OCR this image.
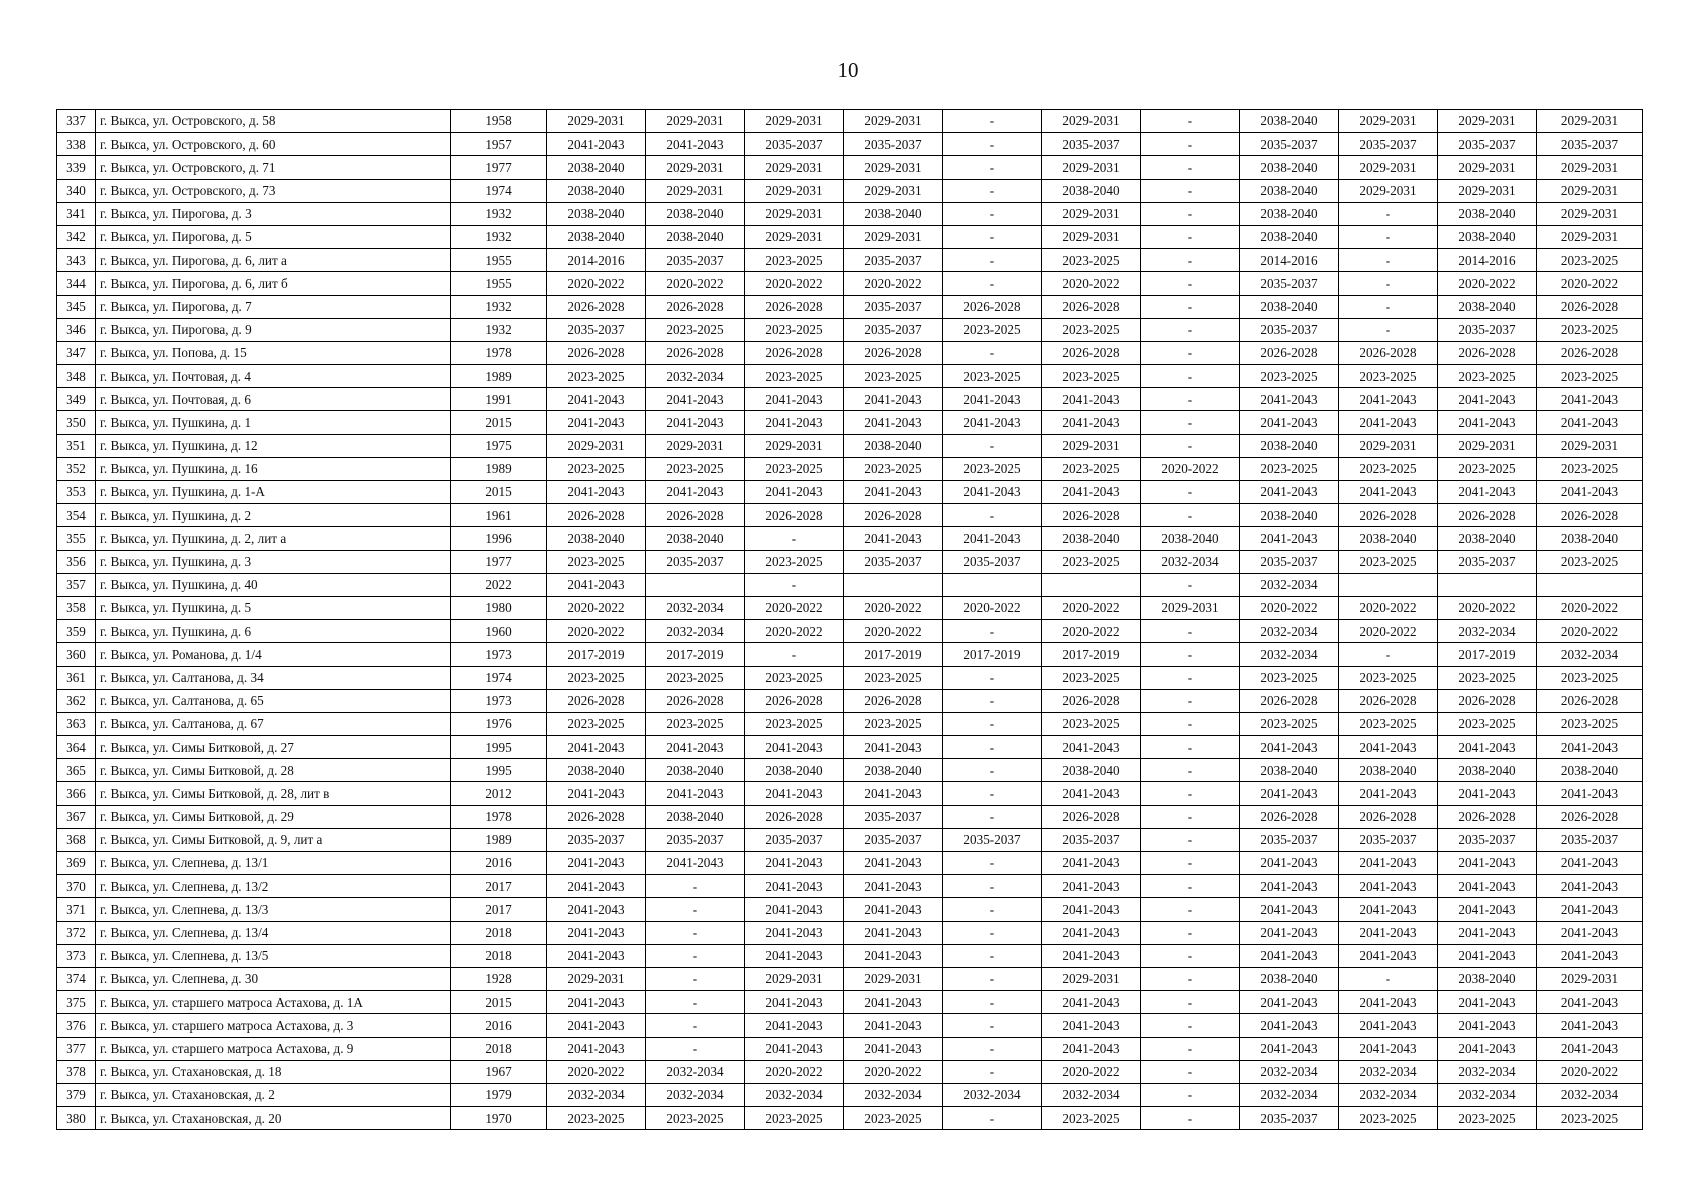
10
337	г. Выкса, ул. Островского, д. 58	1958	2029-2031	2029-2031	2029-2031	2029-2031	-	2029-2031	-	2038-2040	2029-2031	2029-2031	2029-2031
338	г. Выкса, ул. Островского, д. 60	1957	2041-2043	2041-2043	2035-2037	2035-2037	-	2035-2037	-	2035-2037	2035-2037	2035-2037	2035-2037
339	г. Выкса, ул. Островского, д. 71	1977	2038-2040	2029-2031	2029-2031	2029-2031	-	2029-2031	-	2038-2040	2029-2031	2029-2031	2029-2031
340	г. Выкса, ул. Островского, д. 73	1974	2038-2040	2029-2031	2029-2031	2029-2031	-	2038-2040	-	2038-2040	2029-2031	2029-2031	2029-2031
341	г. Выкса, ул. Пирогова, д. 3	1932	2038-2040	2038-2040	2029-2031	2038-2040	-	2029-2031	-	2038-2040	-	2038-2040	2029-2031
342	г. Выкса, ул. Пирогова, д. 5	1932	2038-2040	2038-2040	2029-2031	2029-2031	-	2029-2031	-	2038-2040	-	2038-2040	2029-2031
343	г. Выкса, ул. Пирогова, д. 6, лит а	1955	2014-2016	2035-2037	2023-2025	2035-2037	-	2023-2025	-	2014-2016	-	2014-2016	2023-2025
344	г. Выкса, ул. Пирогова, д. 6, лит б	1955	2020-2022	2020-2022	2020-2022	2020-2022	-	2020-2022	-	2035-2037	-	2020-2022	2020-2022
345	г. Выкса, ул. Пирогова, д. 7	1932	2026-2028	2026-2028	2026-2028	2035-2037	2026-2028	2026-2028	-	2038-2040	-	2038-2040	2026-2028
346	г. Выкса, ул. Пирогова, д. 9	1932	2035-2037	2023-2025	2023-2025	2035-2037	2023-2025	2023-2025	-	2035-2037	-	2035-2037	2023-2025
347	г. Выкса, ул. Попова, д. 15	1978	2026-2028	2026-2028	2026-2028	2026-2028	-	2026-2028	-	2026-2028	2026-2028	2026-2028	2026-2028
348	г. Выкса, ул. Почтовая, д. 4	1989	2023-2025	2032-2034	2023-2025	2023-2025	2023-2025	2023-2025	-	2023-2025	2023-2025	2023-2025	2023-2025
349	г. Выкса, ул. Почтовая, д. 6	1991	2041-2043	2041-2043	2041-2043	2041-2043	2041-2043	2041-2043	-	2041-2043	2041-2043	2041-2043	2041-2043
350	г. Выкса, ул. Пушкина, д. 1	2015	2041-2043	2041-2043	2041-2043	2041-2043	2041-2043	2041-2043	-	2041-2043	2041-2043	2041-2043	2041-2043
351	г. Выкса, ул. Пушкина, д. 12	1975	2029-2031	2029-2031	2029-2031	2038-2040	-	2029-2031	-	2038-2040	2029-2031	2029-2031	2029-2031
352	г. Выкса, ул. Пушкина, д. 16	1989	2023-2025	2023-2025	2023-2025	2023-2025	2023-2025	2023-2025	2020-2022	2023-2025	2023-2025	2023-2025	2023-2025
353	г. Выкса, ул. Пушкина, д. 1-А	2015	2041-2043	2041-2043	2041-2043	2041-2043	2041-2043	2041-2043	-	2041-2043	2041-2043	2041-2043	2041-2043
354	г. Выкса, ул. Пушкина, д. 2	1961	2026-2028	2026-2028	2026-2028	2026-2028	-	2026-2028	-	2038-2040	2026-2028	2026-2028	2026-2028
355	г. Выкса, ул. Пушкина, д. 2, лит а	1996	2038-2040	2038-2040	-	2041-2043	2041-2043	2038-2040	2038-2040	2041-2043	2038-2040	2038-2040	2038-2040
356	г. Выкса, ул. Пушкина, д. 3	1977	2023-2025	2035-2037	2023-2025	2035-2037	2035-2037	2023-2025	2032-2034	2035-2037	2023-2025	2035-2037	2023-2025
357	г. Выкса, ул. Пушкина, д. 40	2022	2041-2043		-				-	2032-2034			
358	г. Выкса, ул. Пушкина, д. 5	1980	2020-2022	2032-2034	2020-2022	2020-2022	2020-2022	2020-2022	2029-2031	2020-2022	2020-2022	2020-2022	2020-2022
359	г. Выкса, ул. Пушкина, д. 6	1960	2020-2022	2032-2034	2020-2022	2020-2022	-	2020-2022	-	2032-2034	2020-2022	2032-2034	2020-2022
360	г. Выкса, ул. Романова, д. 1/4	1973	2017-2019	2017-2019	-	2017-2019	2017-2019	2017-2019	-	2032-2034	-	2017-2019	2032-2034
361	г. Выкса, ул. Салтанова, д. 34	1974	2023-2025	2023-2025	2023-2025	2023-2025	-	2023-2025	-	2023-2025	2023-2025	2023-2025	2023-2025
362	г. Выкса, ул. Салтанова, д. 65	1973	2026-2028	2026-2028	2026-2028	2026-2028	-	2026-2028	-	2026-2028	2026-2028	2026-2028	2026-2028
363	г. Выкса, ул. Салтанова, д. 67	1976	2023-2025	2023-2025	2023-2025	2023-2025	-	2023-2025	-	2023-2025	2023-2025	2023-2025	2023-2025
364	г. Выкса, ул. Симы Битковой, д. 27	1995	2041-2043	2041-2043	2041-2043	2041-2043	-	2041-2043	-	2041-2043	2041-2043	2041-2043	2041-2043
365	г. Выкса, ул. Симы Битковой, д. 28	1995	2038-2040	2038-2040	2038-2040	2038-2040	-	2038-2040	-	2038-2040	2038-2040	2038-2040	2038-2040
366	г. Выкса, ул. Симы Битковой, д. 28, лит в	2012	2041-2043	2041-2043	2041-2043	2041-2043	-	2041-2043	-	2041-2043	2041-2043	2041-2043	2041-2043
367	г. Выкса, ул. Симы Битковой, д. 29	1978	2026-2028	2038-2040	2026-2028	2035-2037	-	2026-2028	-	2026-2028	2026-2028	2026-2028	2026-2028
368	г. Выкса, ул. Симы Битковой, д. 9, лит а	1989	2035-2037	2035-2037	2035-2037	2035-2037	2035-2037	2035-2037	-	2035-2037	2035-2037	2035-2037	2035-2037
369	г. Выкса, ул. Слепнева, д. 13/1	2016	2041-2043	2041-2043	2041-2043	2041-2043	-	2041-2043	-	2041-2043	2041-2043	2041-2043	2041-2043
370	г. Выкса, ул. Слепнева, д. 13/2	2017	2041-2043	-	2041-2043	2041-2043	-	2041-2043	-	2041-2043	2041-2043	2041-2043	2041-2043
371	г. Выкса, ул. Слепнева, д. 13/3	2017	2041-2043	-	2041-2043	2041-2043	-	2041-2043	-	2041-2043	2041-2043	2041-2043	2041-2043
372	г. Выкса, ул. Слепнева, д. 13/4	2018	2041-2043	-	2041-2043	2041-2043	-	2041-2043	-	2041-2043	2041-2043	2041-2043	2041-2043
373	г. Выкса, ул. Слепнева, д. 13/5	2018	2041-2043	-	2041-2043	2041-2043	-	2041-2043	-	2041-2043	2041-2043	2041-2043	2041-2043
374	г. Выкса, ул. Слепнева, д. 30	1928	2029-2031	-	2029-2031	2029-2031	-	2029-2031	-	2038-2040	-	2038-2040	2029-2031
375	г. Выкса, ул. старшего матроса Астахова, д. 1А	2015	2041-2043	-	2041-2043	2041-2043	-	2041-2043	-	2041-2043	2041-2043	2041-2043	2041-2043
376	г. Выкса, ул. старшего матроса Астахова, д. 3	2016	2041-2043	-	2041-2043	2041-2043	-	2041-2043	-	2041-2043	2041-2043	2041-2043	2041-2043
377	г. Выкса, ул. старшего матроса Астахова, д. 9	2018	2041-2043	-	2041-2043	2041-2043	-	2041-2043	-	2041-2043	2041-2043	2041-2043	2041-2043
378	г. Выкса, ул. Стахановская, д. 18	1967	2020-2022	2032-2034	2020-2022	2020-2022	-	2020-2022	-	2032-2034	2032-2034	2032-2034	2020-2022
379	г. Выкса, ул. Стахановская, д. 2	1979	2032-2034	2032-2034	2032-2034	2032-2034	2032-2034	2032-2034	-	2032-2034	2032-2034	2032-2034	2032-2034
380	г. Выкса, ул. Стахановская, д. 20	1970	2023-2025	2023-2025	2023-2025	2023-2025	-	2023-2025	-	2035-2037	2023-2025	2023-2025	2023-2025
